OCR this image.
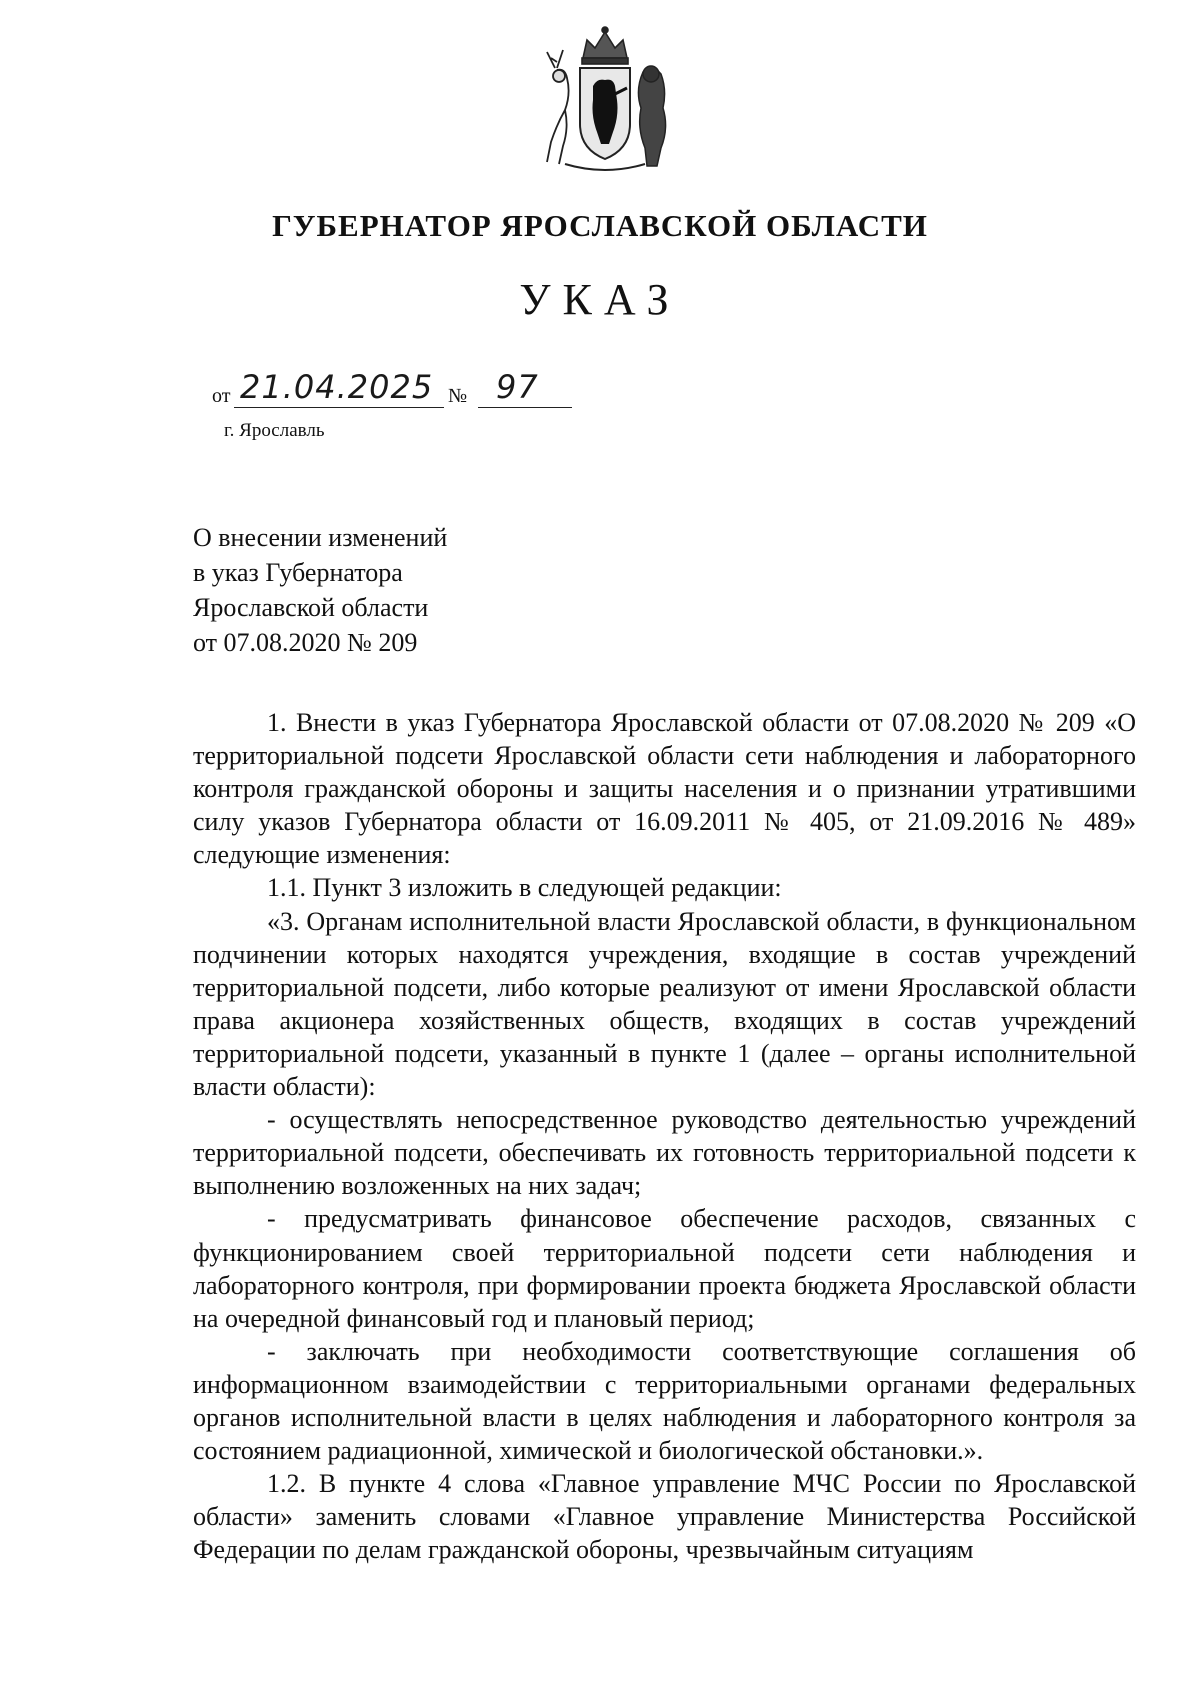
ГУБЕРНАТОР ЯРОСЛАВСКОЙ ОБЛАСТИ
УКАЗ
от 21.04.2025 № 97
г. Ярославль
О внесении изменений
в указ Губернатора
Ярославской области
от 07.08.2020 № 209

1. Внести в указ Губернатора Ярославской области от 07.08.2020 № 209 «О территориальной подсети Ярославской области сети наблюдения и лабораторного контроля гражданской обороны и защиты населения и о признании утратившими силу указов Губернатора области от 16.09.2011 № 405, от 21.09.2016 № 489» следующие изменения:

1.1. Пункт 3 изложить в следующей редакции:

«3. Органам исполнительной власти Ярославской области, в функциональном подчинении которых находятся учреждения, входящие в состав учреждений территориальной подсети, либо которые реализуют от имени Ярославской области права акционера хозяйственных обществ, входящих в состав учреждений территориальной подсети, указанный в пункте 1 (далее – органы исполнительной власти области):

- осуществлять непосредственное руководство деятельностью учреждений территориальной подсети, обеспечивать их готовность территориальной подсети к выполнению возложенных на них задач;

- предусматривать финансовое обеспечение расходов, связанных с функционированием своей территориальной подсети сети наблюдения и лабораторного контроля, при формировании проекта бюджета Ярославской области на очередной финансовый год и плановый период;

- заключать при необходимости соответствующие соглашения об информационном взаимодействии с территориальными органами федеральных органов исполнительной власти в целях наблюдения и лабораторного контроля за состоянием радиационной, химической и биологической обстановки.».

1.2. В пункте 4 слова «Главное управление МЧС России по Ярославской области» заменить словами «Главное управление Министерства Российской Федерации по делам гражданской обороны, чрезвычайным ситуациям
